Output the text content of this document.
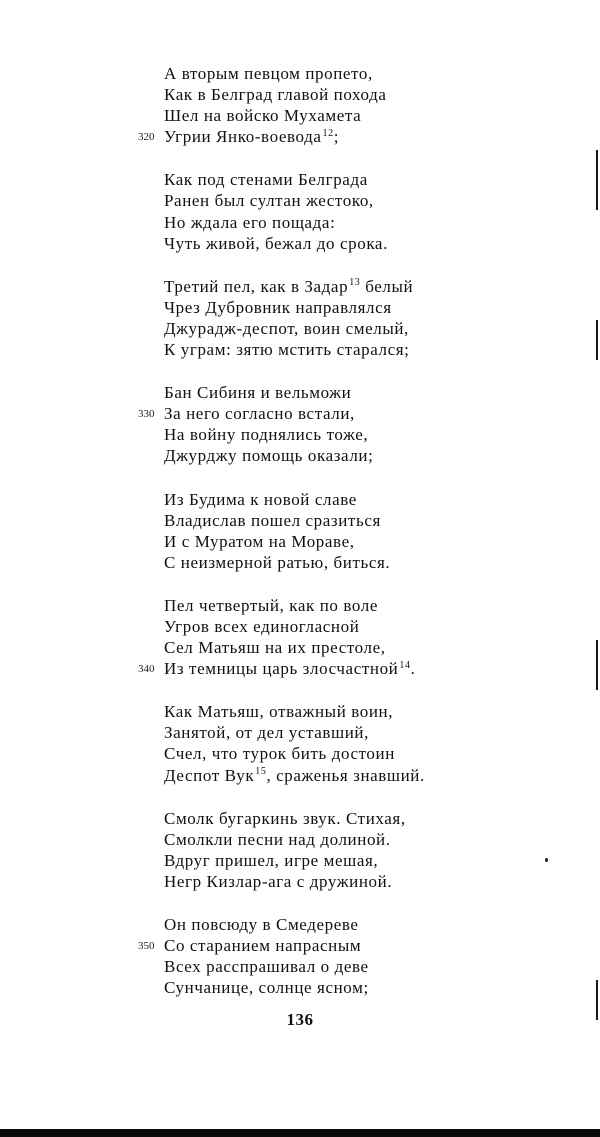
А вторым певцом пропето,
Как в Белград главой похода
Шел на войско Мухамета
320 Угрии Янко-воевода$^{12}$;
Как под стенами Белграда
Ранен был султан жестоко,
Но ждала его пощада:
Чуть живой, бежал до срока.
Третий пел, как в Задар$^{13}$ белый
Чрез Дубровник направлялся
Джурадж-деспот, воин смелый,
К уграм: зятю мстить старался;
Бан Сибиня и вельможи
330 За него согласно встали,
На войну поднялись тоже,
Джурджу помощь оказали;
Из Будима к новой славе
Владислав пошел сразиться
И с Муратом на Мораве,
С неизмерной ратью, биться.
Пел четвертый, как по воле
Угров всех единогласной
Сел Матьяш на их престоле,
340 Из темницы царь злосчастной$^{14}$.
Как Матьяш, отважный воин,
Занятой, от дел уставший,
Счел, что турок бить достоин
Деспот Вук$^{15}$, сраженья знавший.
Смолк бугаркинь звук. Стихая,
Смолкли песни над долиной.
Вдруг пришел, игре мешая,
Негр Кизлар-ага с дружиной.
Он повсюду в Смедереве
350 Со старанием напрасным
Всех расспрашивал о деве
Сунчанице, солнце ясном;
136
